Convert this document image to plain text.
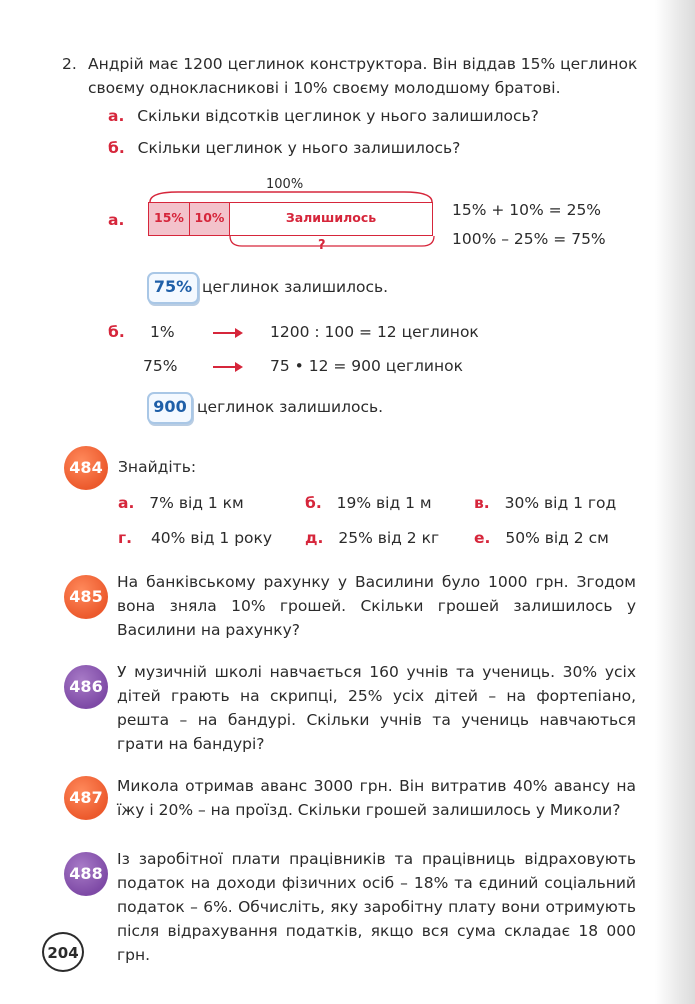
2. Андрій має 1200 цеглинок конструктора. Він віддав 15% цеглинок своєму однокласникові і 10% своєму молодшому братові.
а. Скільки відсотків цеглинок у нього залишилось?
б. Скільки цеглинок у нього залишилось?
а.
100%
15% 10%	Залишилось
?
15% + 10% = 25%
100% – 25% = 75%
75% цеглинок залишилось.
б. 1%	1200 : 100 = 12 цеглинок
75%	75 • 12 = 900 цеглинок
900 цеглинок залишилось.
484 Знайдіть:
а. 7% від 1 км	б. 19% від 1 м	в. 30% від 1 год
г. 40% від 1 року д. 25% від 2 кг е. 50% від 2 см
485
На банківському рахунку у Василини було 1000 грн. Згодом вона зняла 10% грошей. Скільки грошей залишилось у Василини на рахунку?
486
У музичній школі навчається 160 учнів та учениць. 30% усіх дітей грають на скрипці, 25% усіх дітей – на фортепіано, решта – на бандурі. Скільки учнів та учениць навчаються грати на бандурі?
487
Микола отримав аванс 3000 грн. Він витратив 40% авансу на їжу і 20% – на проїзд. Скільки грошей залишилось у Миколи?
488
Із заробітної плати працівників та працівниць відраховують податок на доходи фізичних осіб – 18% та єдиний соціальний податок – 6%. Обчисліть, яку заробітну плату вони отримують після відрахування податків, якщо вся сума складає 18 000 грн.
204
